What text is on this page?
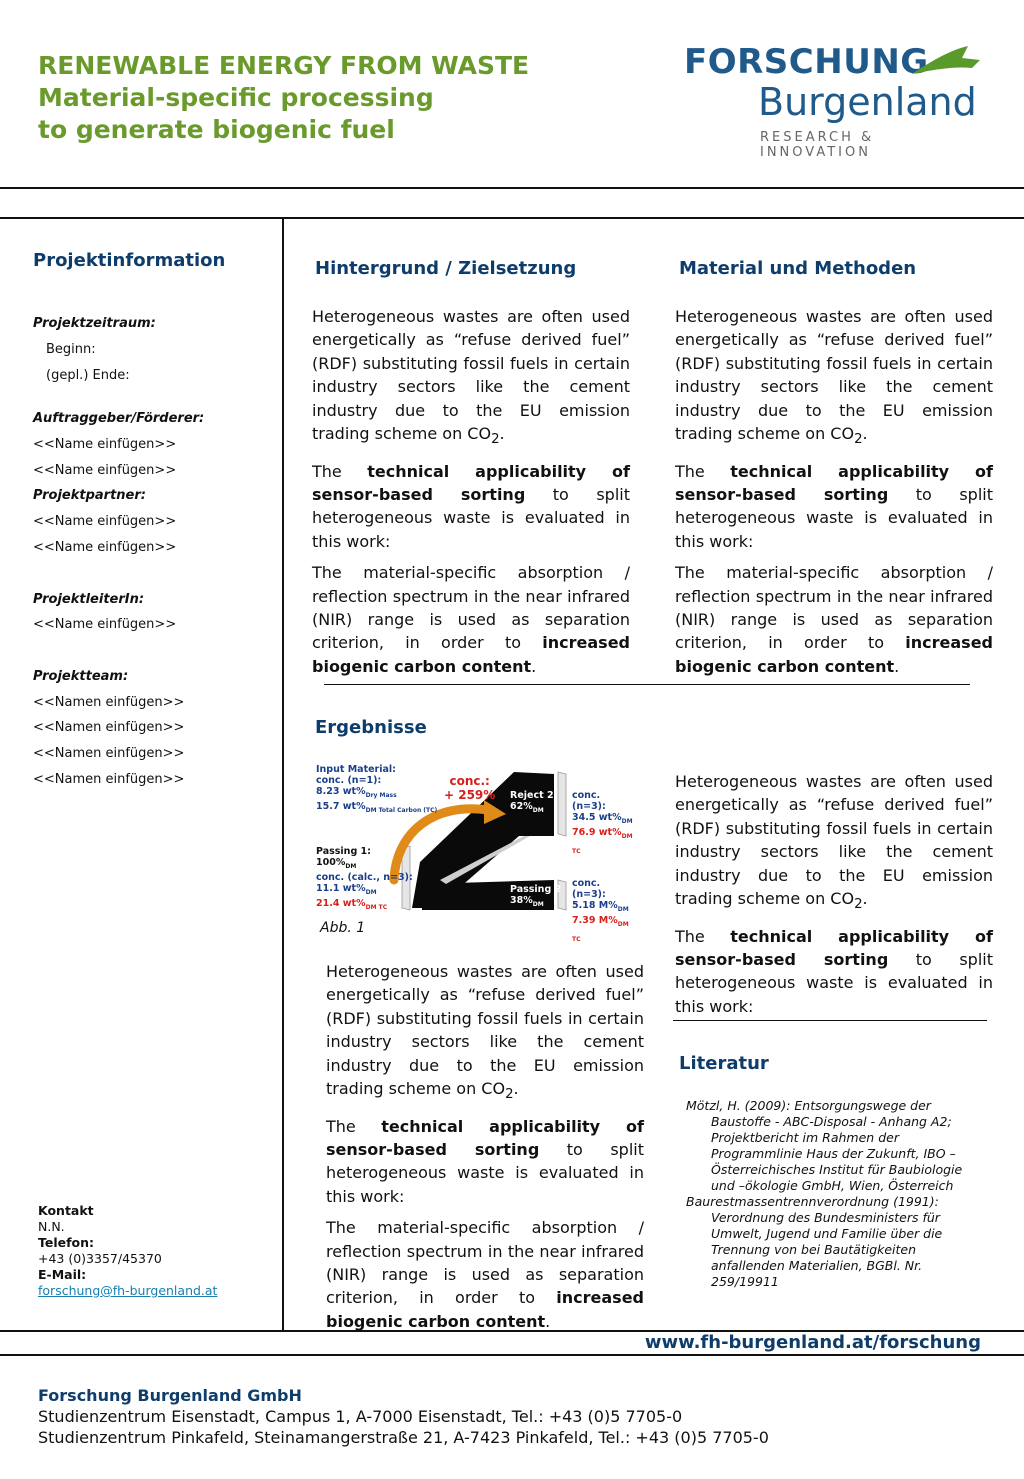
RENEWABLE ENERGY FROM WASTE
Material-specific processing
to generate biogenic fuel
FORSCHUNG
Burgenland
RESEARCH & INNOVATION
Projektinformation
Projektzeitraum:
Beginn:
(gepl.) Ende:
Auftraggeber/Förderer:
<<Name einfügen>>
<<Name einfügen>>
Projektpartner:
<<Name einfügen>>
<<Name einfügen>>
ProjektleiterIn:
<<Name einfügen>>
Projektteam:
<<Namen einfügen>>
<<Namen einfügen>>
<<Namen einfügen>>
<<Namen einfügen>>
Kontakt
N.N.
Telefon:
+43 (0)3357/45370
E-Mail:
forschung@fh-burgenland.at
Hintergrund / Zielsetzung	Material und Methoden
Ergebnisse
Literatur

Heterogeneous wastes are often used energetically as “refuse derived fuel” (RDF) substituting fossil fuels in certain industry sectors like the cement industry due to the EU emission trading scheme on $CO_2$.

The technical applicability of sensor-based sorting to split heterogeneous waste is evaluated in this work:

The material-specific absorption / reflection spectrum in the near infrared (NIR) range is used as separation criterion, in order to increased biogenic carbon content.

Heterogeneous wastes are often used energetically as “refuse derived fuel” (RDF) substituting fossil fuels in certain industry sectors like the cement industry due to the EU emission trading scheme on $CO_2$.

The technical applicability of sensor-based sorting to split heterogeneous waste is evaluated in this work:

The material-specific absorption / reflection spectrum in the near infrared (NIR) range is used as separation criterion, in order to increased biogenic carbon content.

Input Material:
conc. (n=1):
8.23 $wt\%_{Dry Mass}$
15.7 $wt\%_{DM Total Carbon (TC)}$
conc.:
+ 259% Reject 2:
$62\%_{DM}$
conc. (n=3):
34.5 $wt\%_{DM}$
76.9 $wt\%_{DM TC}$
Passing 1:
$100\%_{DM}$
conc. (calc., n=3):
11.1 $wt\%_{DM}$
21.4 $wt\%_{DM TC}$
Passing 2
$38\%_{DM}$
conc. (n=3):
5.18 $M\%_{DM}$
7.39 $M\%_{DM TC}$
Abb. 1

Heterogeneous wastes are often used energetically as “refuse derived fuel” (RDF) substituting fossil fuels in certain industry sectors like the cement industry due to the EU emission trading scheme on $CO_2$.

The technical applicability of sensor-based sorting to split heterogeneous waste is evaluated in this work:

The material-specific absorption / reflection spectrum in the near infrared (NIR) range is used as separation criterion, in order to increased biogenic carbon content.

Heterogeneous wastes are often used energetically as “refuse derived fuel” (RDF) substituting fossil fuels in certain industry sectors like the cement industry due to the EU emission trading scheme on $CO_2$.

The technical applicability of sensor-based sorting to split heterogeneous waste is evaluated in this work:

Mötzl, H. (2009): Entsorgungswege der Baustoffe - ABC-Disposal - Anhang A2; Projektbericht im Rahmen der Programmlinie Haus der Zukunft, IBO – Österreichisches Institut für Baubiologie und –ökologie GmbH, Wien, Österreich
Baurestmassentrennverordnung (1991): Verordnung des Bundesministers für Umwelt, Jugend und Familie über die Trennung von bei Bautätigkeiten anfallenden Materialien, BGBl. Nr. 259/19911
www.fh-burgenland.at/forschung
Forschung Burgenland GmbH
Studienzentrum Eisenstadt, Campus 1, A-7000 Eisenstadt, Tel.: +43 (0)5 7705-0
Studienzentrum Pinkafeld, Steinamangerstraße 21, A-7423 Pinkafeld, Tel.: +43 (0)5 7705-0
